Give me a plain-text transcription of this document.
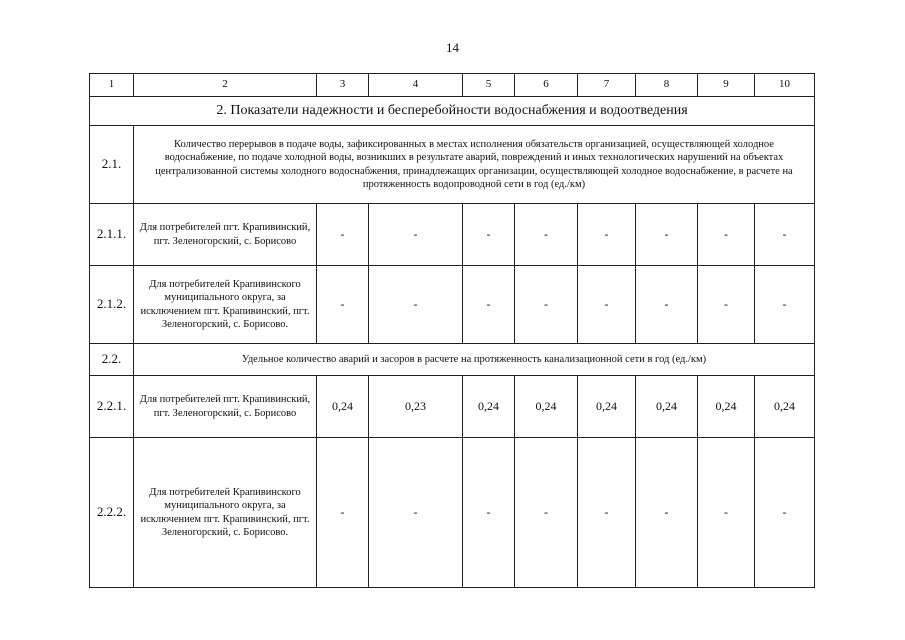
14
1	2	3	4	5	6	7	8	9	10
2. Показатели надежности и бесперебойности водоснабжения и водоотведения									
2.1.	Количество перерывов в подаче воды, зафиксированных в местах исполнения обязательств организацией, осуществляющей холодное водоснабжение, по подаче холодной воды, возникших в результате аварий, повреждений и иных технологических нарушений на объектах централизованной системы холодного водоснабжения, принадлежащих организации, осуществляющей холодное водоснабжение, в расчете на протяженность водопроводной сети в год (ед./км)								
2.1.1.	Для потребителей пгт. Крапивинский, пгт. Зеленогорский, с. Борисово	-	-	-	-	-	-	-	-
2.1.2.	Для потребителей Крапивинского муниципального округа, за исключением пгт. Крапивинский, пгт. Зеленогорский, с. Борисово.	-	-	-	-	-	-	-	-
2.2.	Удельное количество аварий и засоров в расчете на протяженность канализационной сети в год (ед./км)								
2.2.1.	Для потребителей пгт. Крапивинский, пгт. Зеленогорский, с. Борисово	0,24	0,23	0,24	0,24	0,24	0,24	0,24	0,24
2.2.2.	Для потребителей Крапивинского муниципального округа, за исключением пгт. Крапивинский, пгт. Зеленогорский, с. Борисово.	-	-	-	-	-	-	-	-
